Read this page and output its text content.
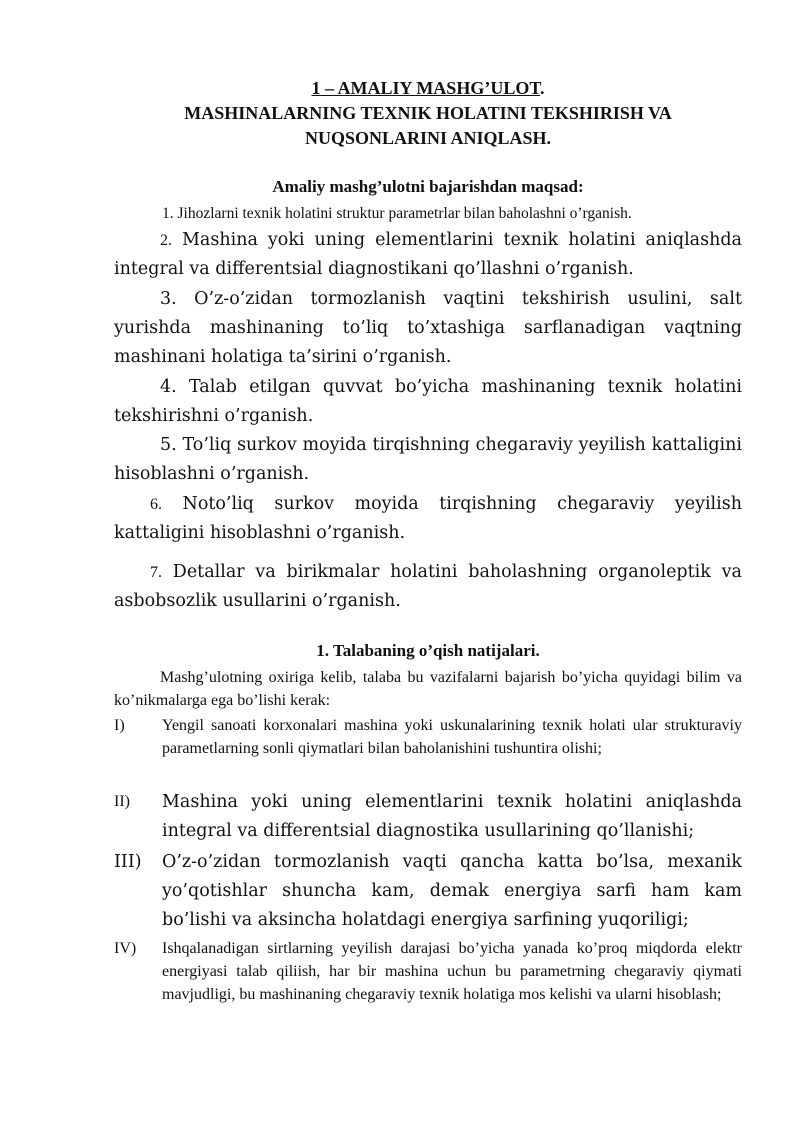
1 – AMALIY MASHG’ULOT.
MASHINALARNING TEXNIK HOLATINI TEKSHIRISH VA
NUQSONLARINI ANIQLASH.
Amaliy mashg’ulotni bajarishdan maqsad:
1. Jihozlarni texnik holatini struktur parametrlar bilan baholashni o’rganish.
2. Mashina yoki uning elementlarini texnik holatini aniqlashda integral va differentsial diagnostikani qo’llashni o’rganish.
3. O’z-o’zidan tormozlanish vaqtini tekshirish usulini, salt yurishda mashinaning to’liq to’xtashiga sarflanadigan vaqtning mashinani holatiga ta’sirini o’rganish.
4. Talab etilgan quvvat bo’yicha mashinaning texnik holatini tekshirishni o’rganish.
5. To’liq surkov moyida tirqishning chegaraviy yeyilish kattaligini hisoblashni o’rganish.
6. Noto’liq surkov moyida tirqishning chegaraviy yeyilish kattaligini hisoblashni o’rganish.
7. Detallar va birikmalar holatini baholashning organoleptik va asbobsozlik usullarini o’rganish.
1. Talabaning o’qish natijalari.
Mashg’ulotning oxiriga kelib, talaba bu vazifalarni bajarish bo’yicha quyidagi bilim va ko’nikmalarga ega bo’lishi kerak:
I) Yengil sanoati korxonalari mashina yoki uskunalarining texnik holati ular strukturaviy parametlarning sonli qiymatlari bilan baholanishini tushuntira olishi;
II) Mashina yoki uning elementlarini texnik holatini aniqlashda integral va differentsial diagnostika usullarining qo’llanishi;
III) O’z-o’zidan tormozlanish vaqti qancha katta bo’lsa, mexanik yo’qotishlar shuncha kam, demak energiya sarfi ham kam bo’lishi va aksincha holatdagi energiya sarfining yuqoriligi;
IV) Ishqalanadigan sirtlarning yeyilish darajasi bo’yicha yanada ko’proq miqdorda elektr energiyasi talab qiliish, har bir mashina uchun bu parametrning chegaraviy qiymati mavjudligi, bu mashinaning chegaraviy texnik holatiga mos kelishi va ularni hisoblash;
